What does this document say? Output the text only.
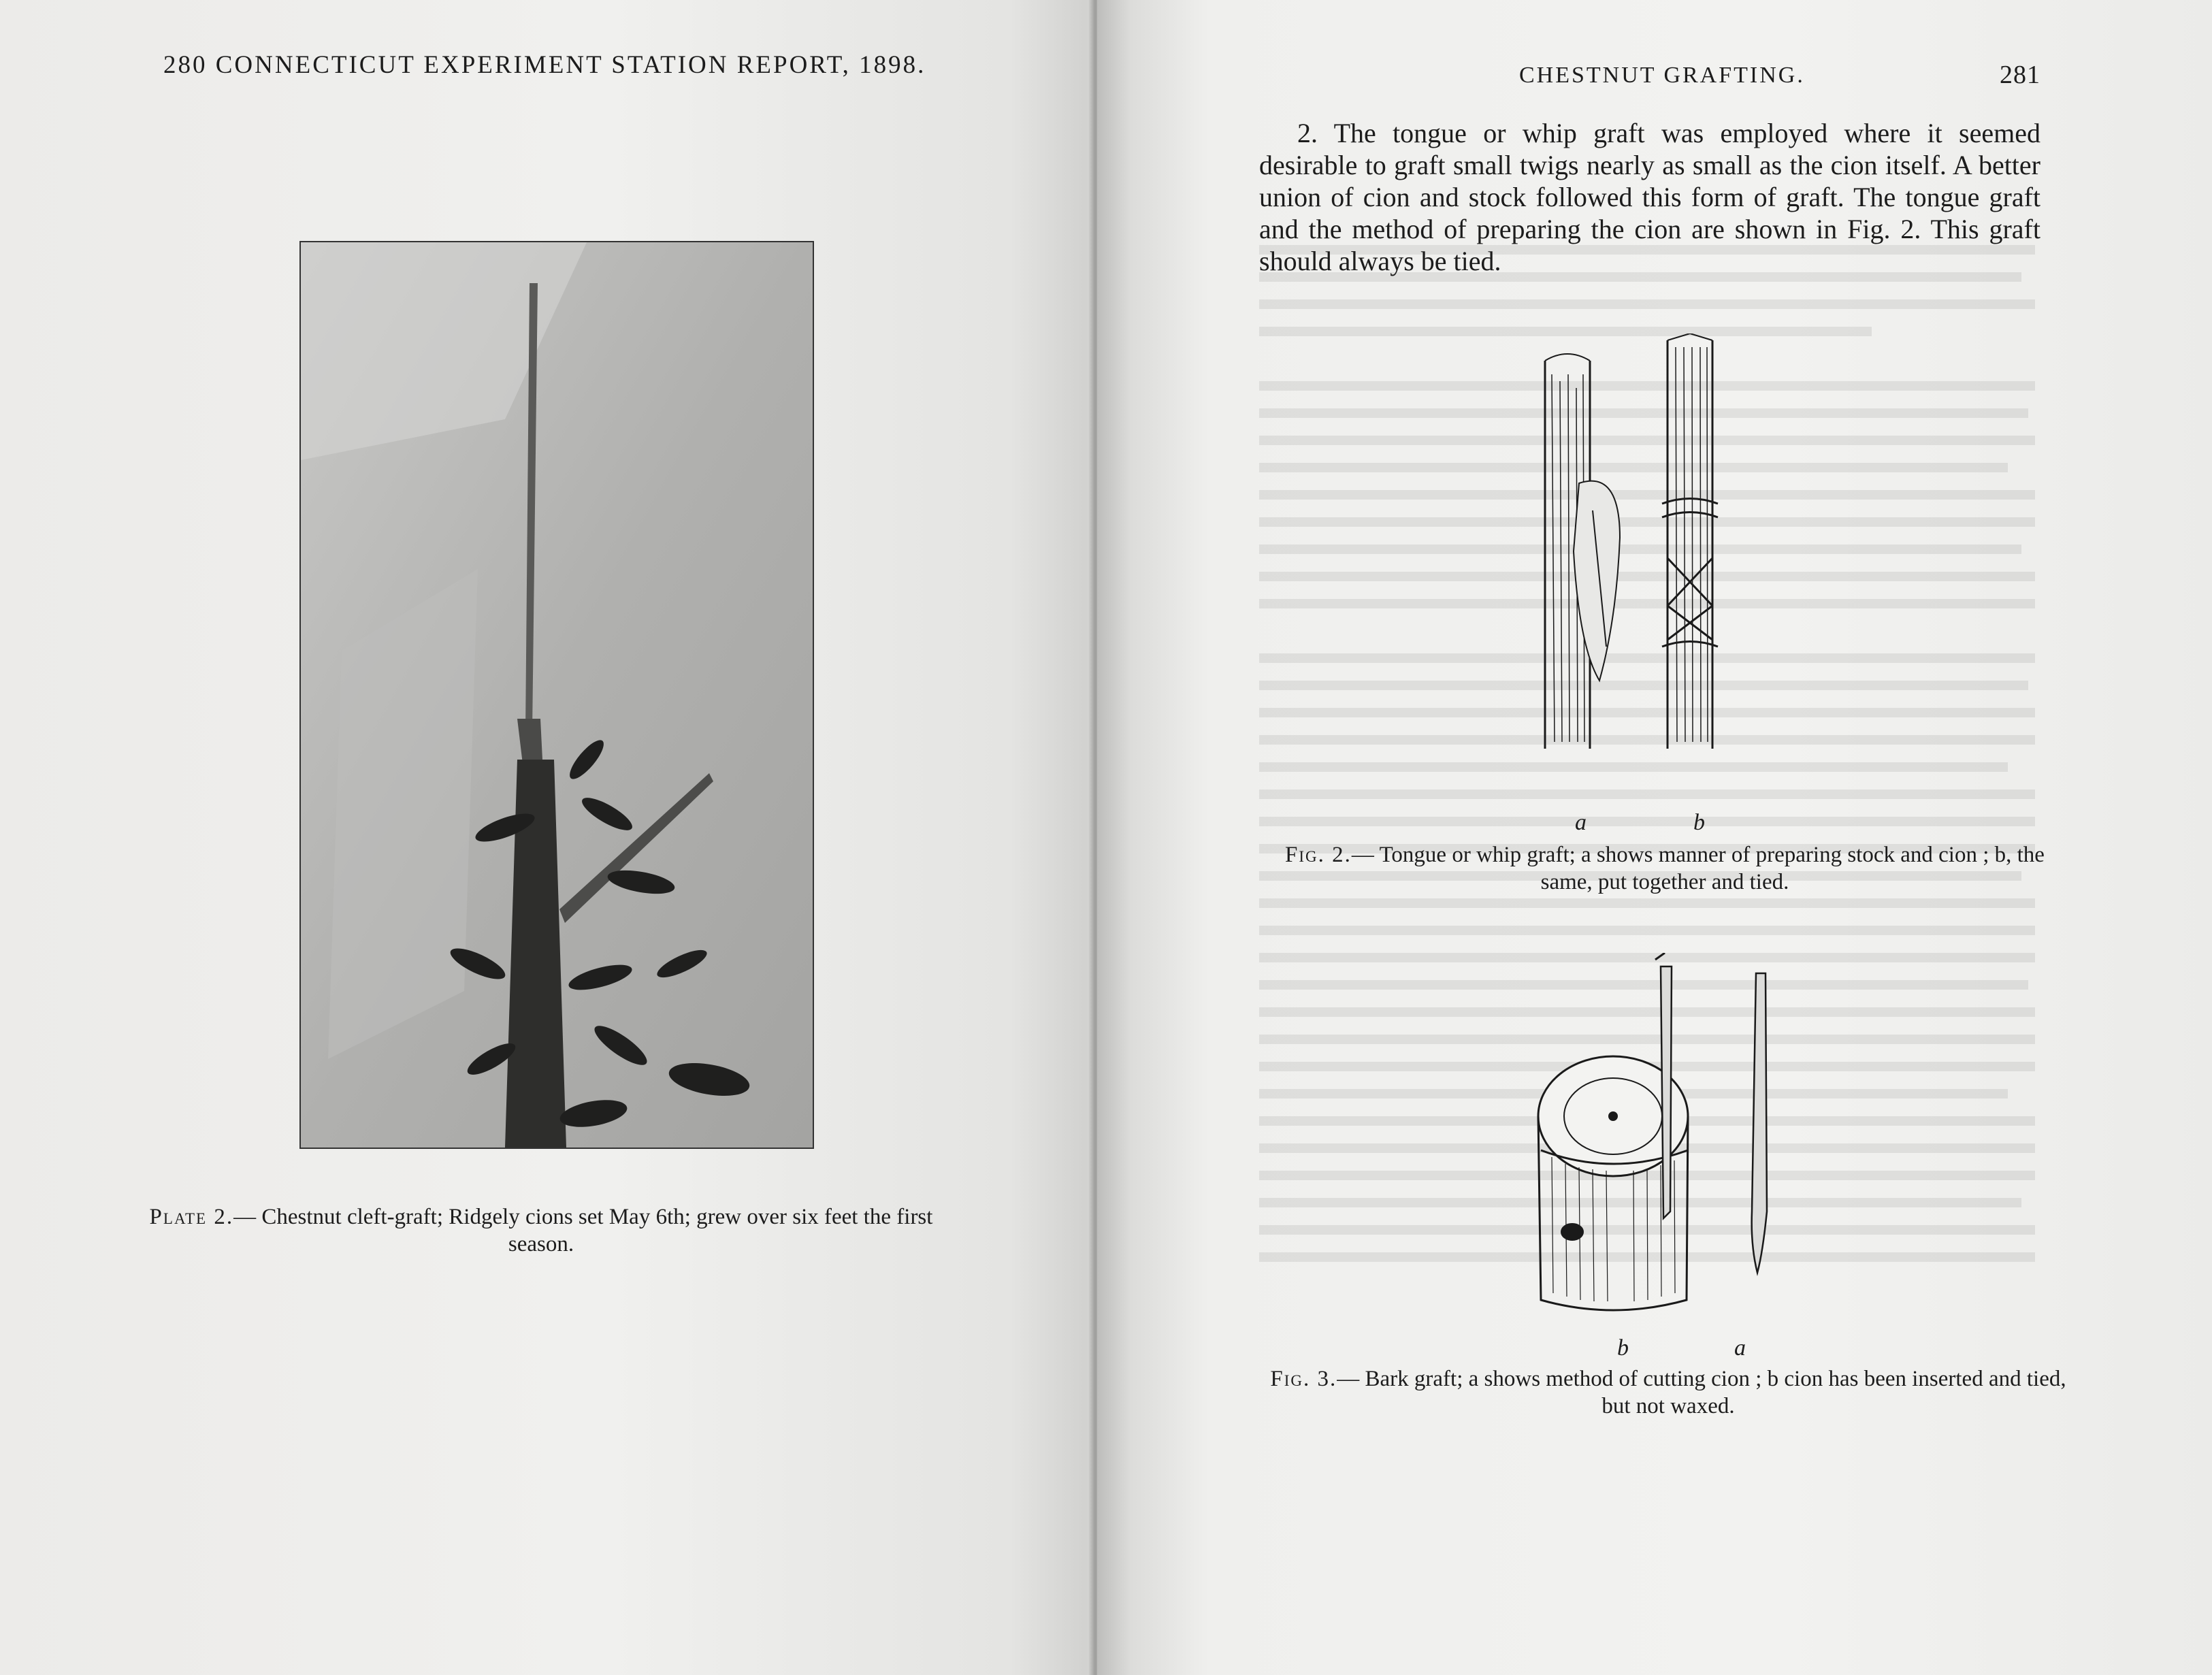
280 CONNECTICUT EXPERIMENT STATION REPORT, 1898.
Plate 2.— Chestnut cleft-graft; Ridgely cions set May 6th; grew over six feet the first season.
CHESTNUT GRAFTING.	281

2. The tongue or whip graft was employed where it seemed desirable to graft small twigs nearly as small as the cion itself. A better union of cion and stock followed this form of graft. The tongue graft and the method of preparing the cion are shown in Fig. 2. This graft should always be tied.

a	b
Fig. 2.— Tongue or whip graft; a shows manner of preparing stock and cion ; b, the same, put together and tied.
b	a
Fig. 3.— Bark graft; a shows method of cutting cion ; b cion has been inserted and tied, but not waxed.
